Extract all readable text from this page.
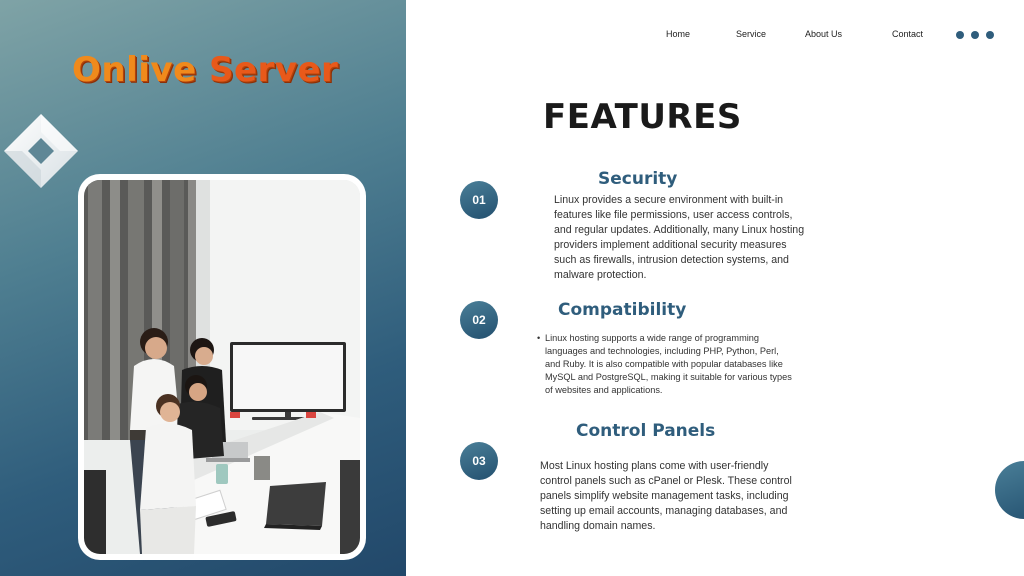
Onlive Server
Home	Service	About Us	Contact
FEATURES
01
Security

Linux provides a secure environment with built-in features like file permissions, user access controls, and regular updates. Additionally, many Linux hosting providers implement additional security measures such as firewalls, intrusion detection systems, and malware protection.

02	Compatibility
• Linux hosting supports a wide range of programming languages and technologies, including PHP, Python, Perl, and Ruby. It is also compatible with popular databases like MySQL and PostgreSQL, making it suitable for various types of websites and applications.

03
Control Panels

Most Linux hosting plans come with user-friendly control panels such as cPanel or Plesk. These control panels simplify website management tasks, including setting up email accounts, managing databases, and handling domain names.
